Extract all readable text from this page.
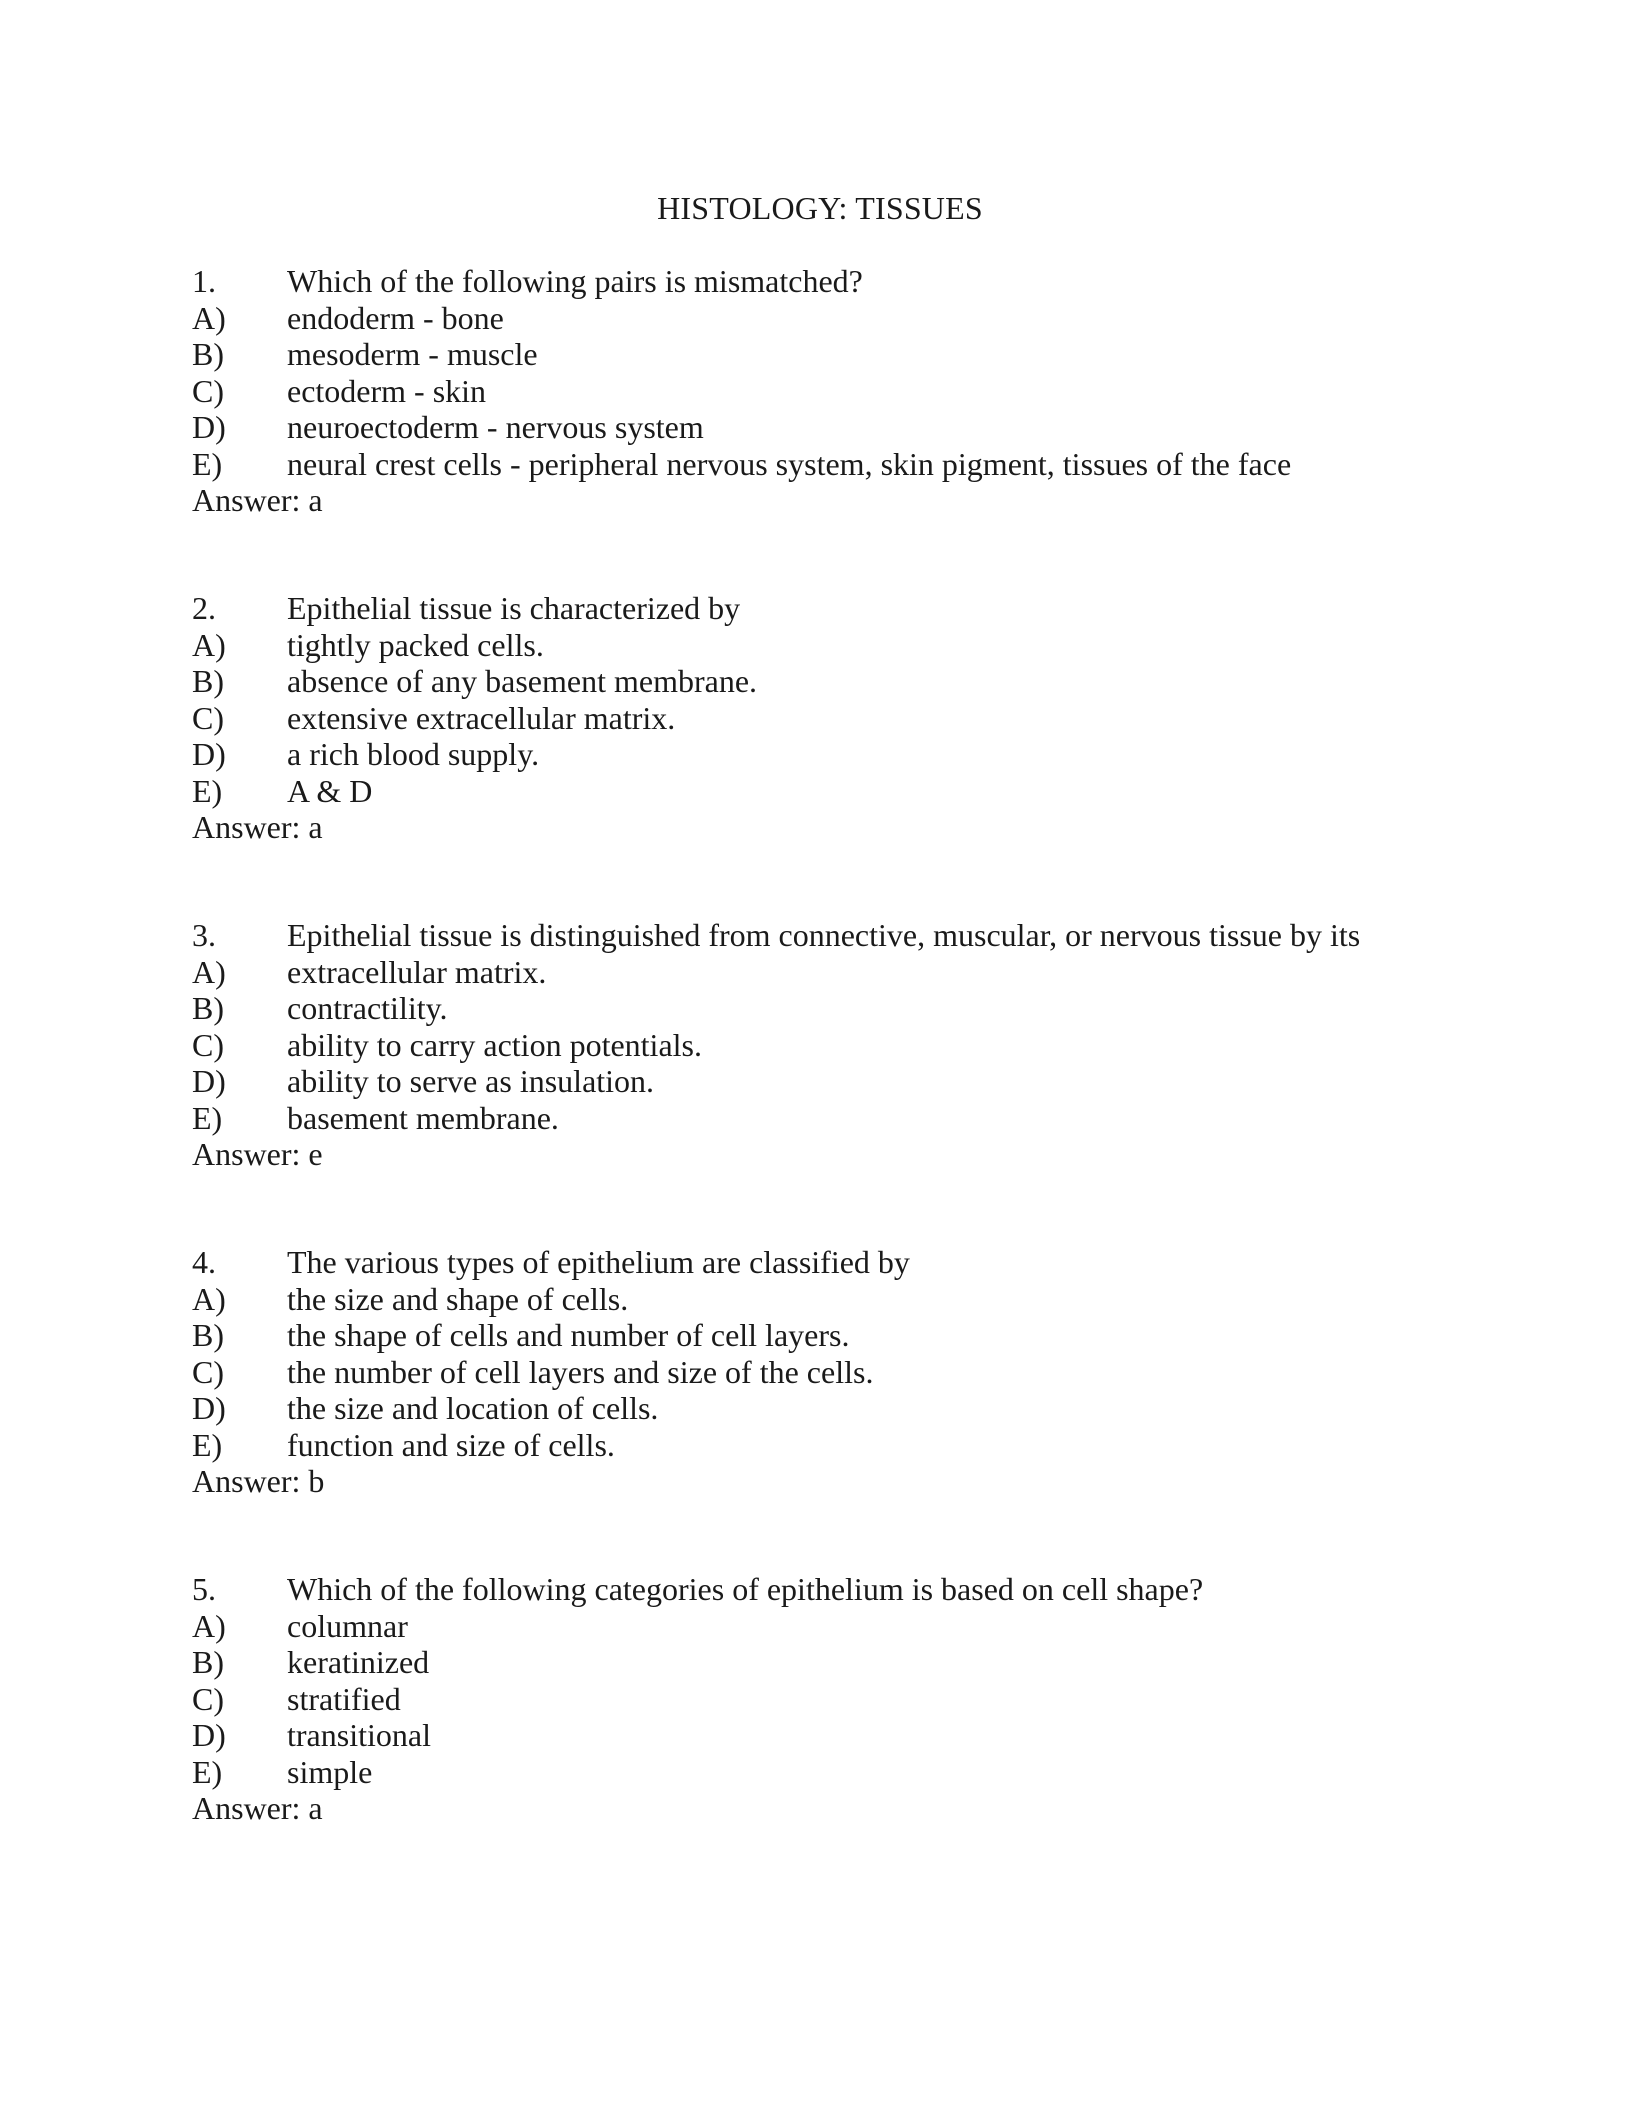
HISTOLOGY: TISSUES
1. Which of the following pairs is mismatched?
A) endoderm - bone
B) mesoderm - muscle
C) ectoderm - skin
D) neuroectoderm - nervous system
E) neural crest cells - peripheral nervous system, skin pigment, tissues of the face
Answer: a
2. Epithelial tissue is characterized by
A) tightly packed cells.
B) absence of any basement membrane.
C) extensive extracellular matrix.
D) a rich blood supply.
E) A & D
Answer: a
3. Epithelial tissue is distinguished from connective, muscular, or nervous tissue by its
A) extracellular matrix.
B) contractility.
C) ability to carry action potentials.
D) ability to serve as insulation.
E) basement membrane.
Answer: e
4. The various types of epithelium are classified by
A) the size and shape of cells.
B) the shape of cells and number of cell layers.
C) the number of cell layers and size of the cells.
D) the size and location of cells.
E) function and size of cells.
Answer: b
5. Which of the following categories of epithelium is based on cell shape?
A) columnar
B) keratinized
C) stratified
D) transitional
E) simple
Answer: a
